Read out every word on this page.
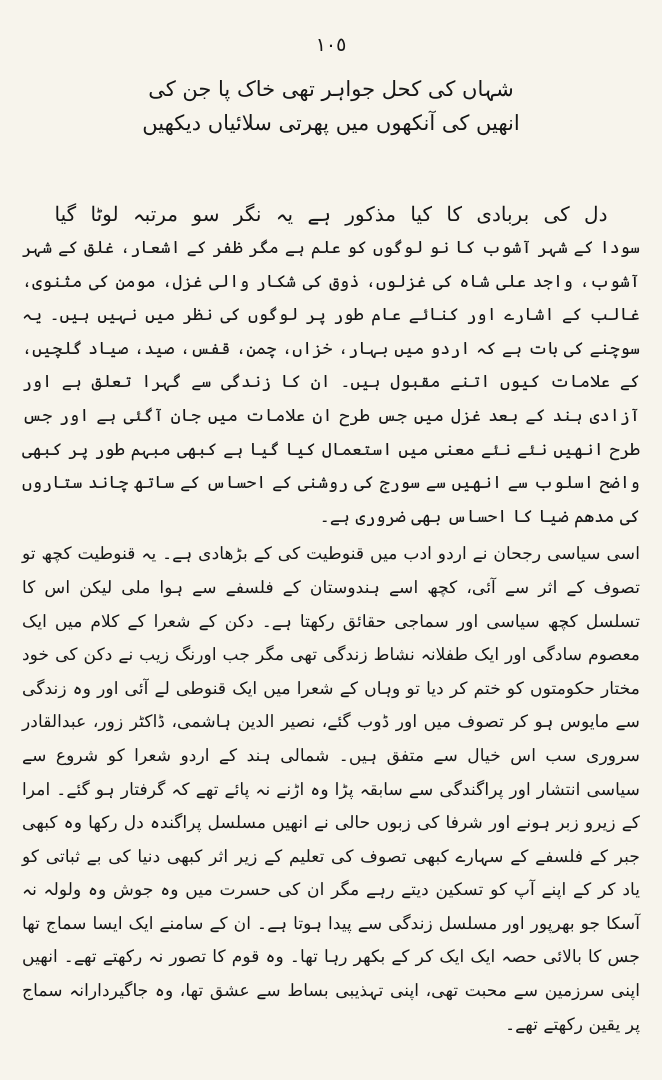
١٠٥
شہاں کی کحل جواہر تھی خاک پا جن کی
انھیں کی آنکھوں میں پھرتی سلائیاں دیکھیں
دل کی بربادی کا کیا مذکور ہے یہ نگر سو مرتبہ لوٹا گیا

سودا کے شہر آشوب کا نو لوگوں کو علم ہے مگر ظفر کے اشعار، غلق کے شہر آشوب، واجد علی شاہ کی غزلوں، ذوق کی شکار والی غزل، مومن کی مثنوی، غالب کے اشارے اور کنائے عام طور پر لوگوں کی نظر میں نہیں ہیں۔ یہ سوچنے کی بات ہے کہ اردو میں بہار، خزاں، چمن، قفس، صید، صیاد گلچیں، کے علامات کیوں اتنے مقبول ہیں۔ ان کا زندگی سے گہرا تعلق ہے اور آزادی ہند کے بعد غزل میں جس طرح ان علامات میں جان آگئی ہے اور جس طرح انھیں نئے نئے معنی میں استعمال کیا گیا ہے کبھی مبہم طور پر کبھی واضح اسلوب سے انھیں سے سورج کی روشنی کے احساس کے ساتھ چاند ستاروں کی مدھم ضیا کا احساس بھی ضروری ہے۔

اسی سیاسی رجحان نے اردو ادب میں قنوطیت کی کے بڑھادی ہے۔ یہ قنوطیت کچھ تو تصوف کے اثر سے آئی، کچھ اسے ہندوستان کے فلسفے سے ہوا ملی لیکن اس کا تسلسل کچھ سیاسی اور سماجی حقائق رکھتا ہے۔ دکن کے شعرا کے کلام میں ایک معصوم سادگی اور ایک طفلانہ نشاط زندگی تھی مگر جب اورنگ زیب نے دکن کی خود مختار حکومتوں کو ختم کر دیا تو وہاں کے شعرا میں ایک قنوطی لے آئی اور وہ زندگی سے مایوس ہو کر تصوف میں اور ڈوب گئے، نصیر الدین ہاشمی، ڈاکٹر زور، عبدالقادر سروری سب اس خیال سے متفق ہیں۔ شمالی ہند کے اردو شعرا کو شروع سے سیاسی انتشار اور پراگندگی سے سابقہ پڑا وہ اڑنے نہ پائے تھے کہ گرفتار ہو گئے۔ امرا کے زیرو زبر ہونے اور شرفا کی زبوں حالی نے انھیں مسلسل پراگندہ دل رکھا وہ کبھی جبر کے فلسفے کے سہارے کبھی تصوف کی تعلیم کے زیر اثر کبھی دنیا کی بے ثباتی کو یاد کر کے اپنے آپ کو تسکین دیتے رہے مگر ان کی حسرت میں وہ جوش وہ ولولہ نہ آسکا جو بھرپور اور مسلسل زندگی سے پیدا ہوتا ہے۔ ان کے سامنے ایک ایسا سماج تھا جس کا بالائی حصہ ایک ایک کر کے بکھر رہا تھا۔ وہ قوم کا تصور نہ رکھتے تھے۔ انھیں اپنی سرزمین سے محبت تھی، اپنی تہذیبی بساط سے عشق تھا، وہ جاگیردارانہ سماج پر یقین رکھتے تھے۔
